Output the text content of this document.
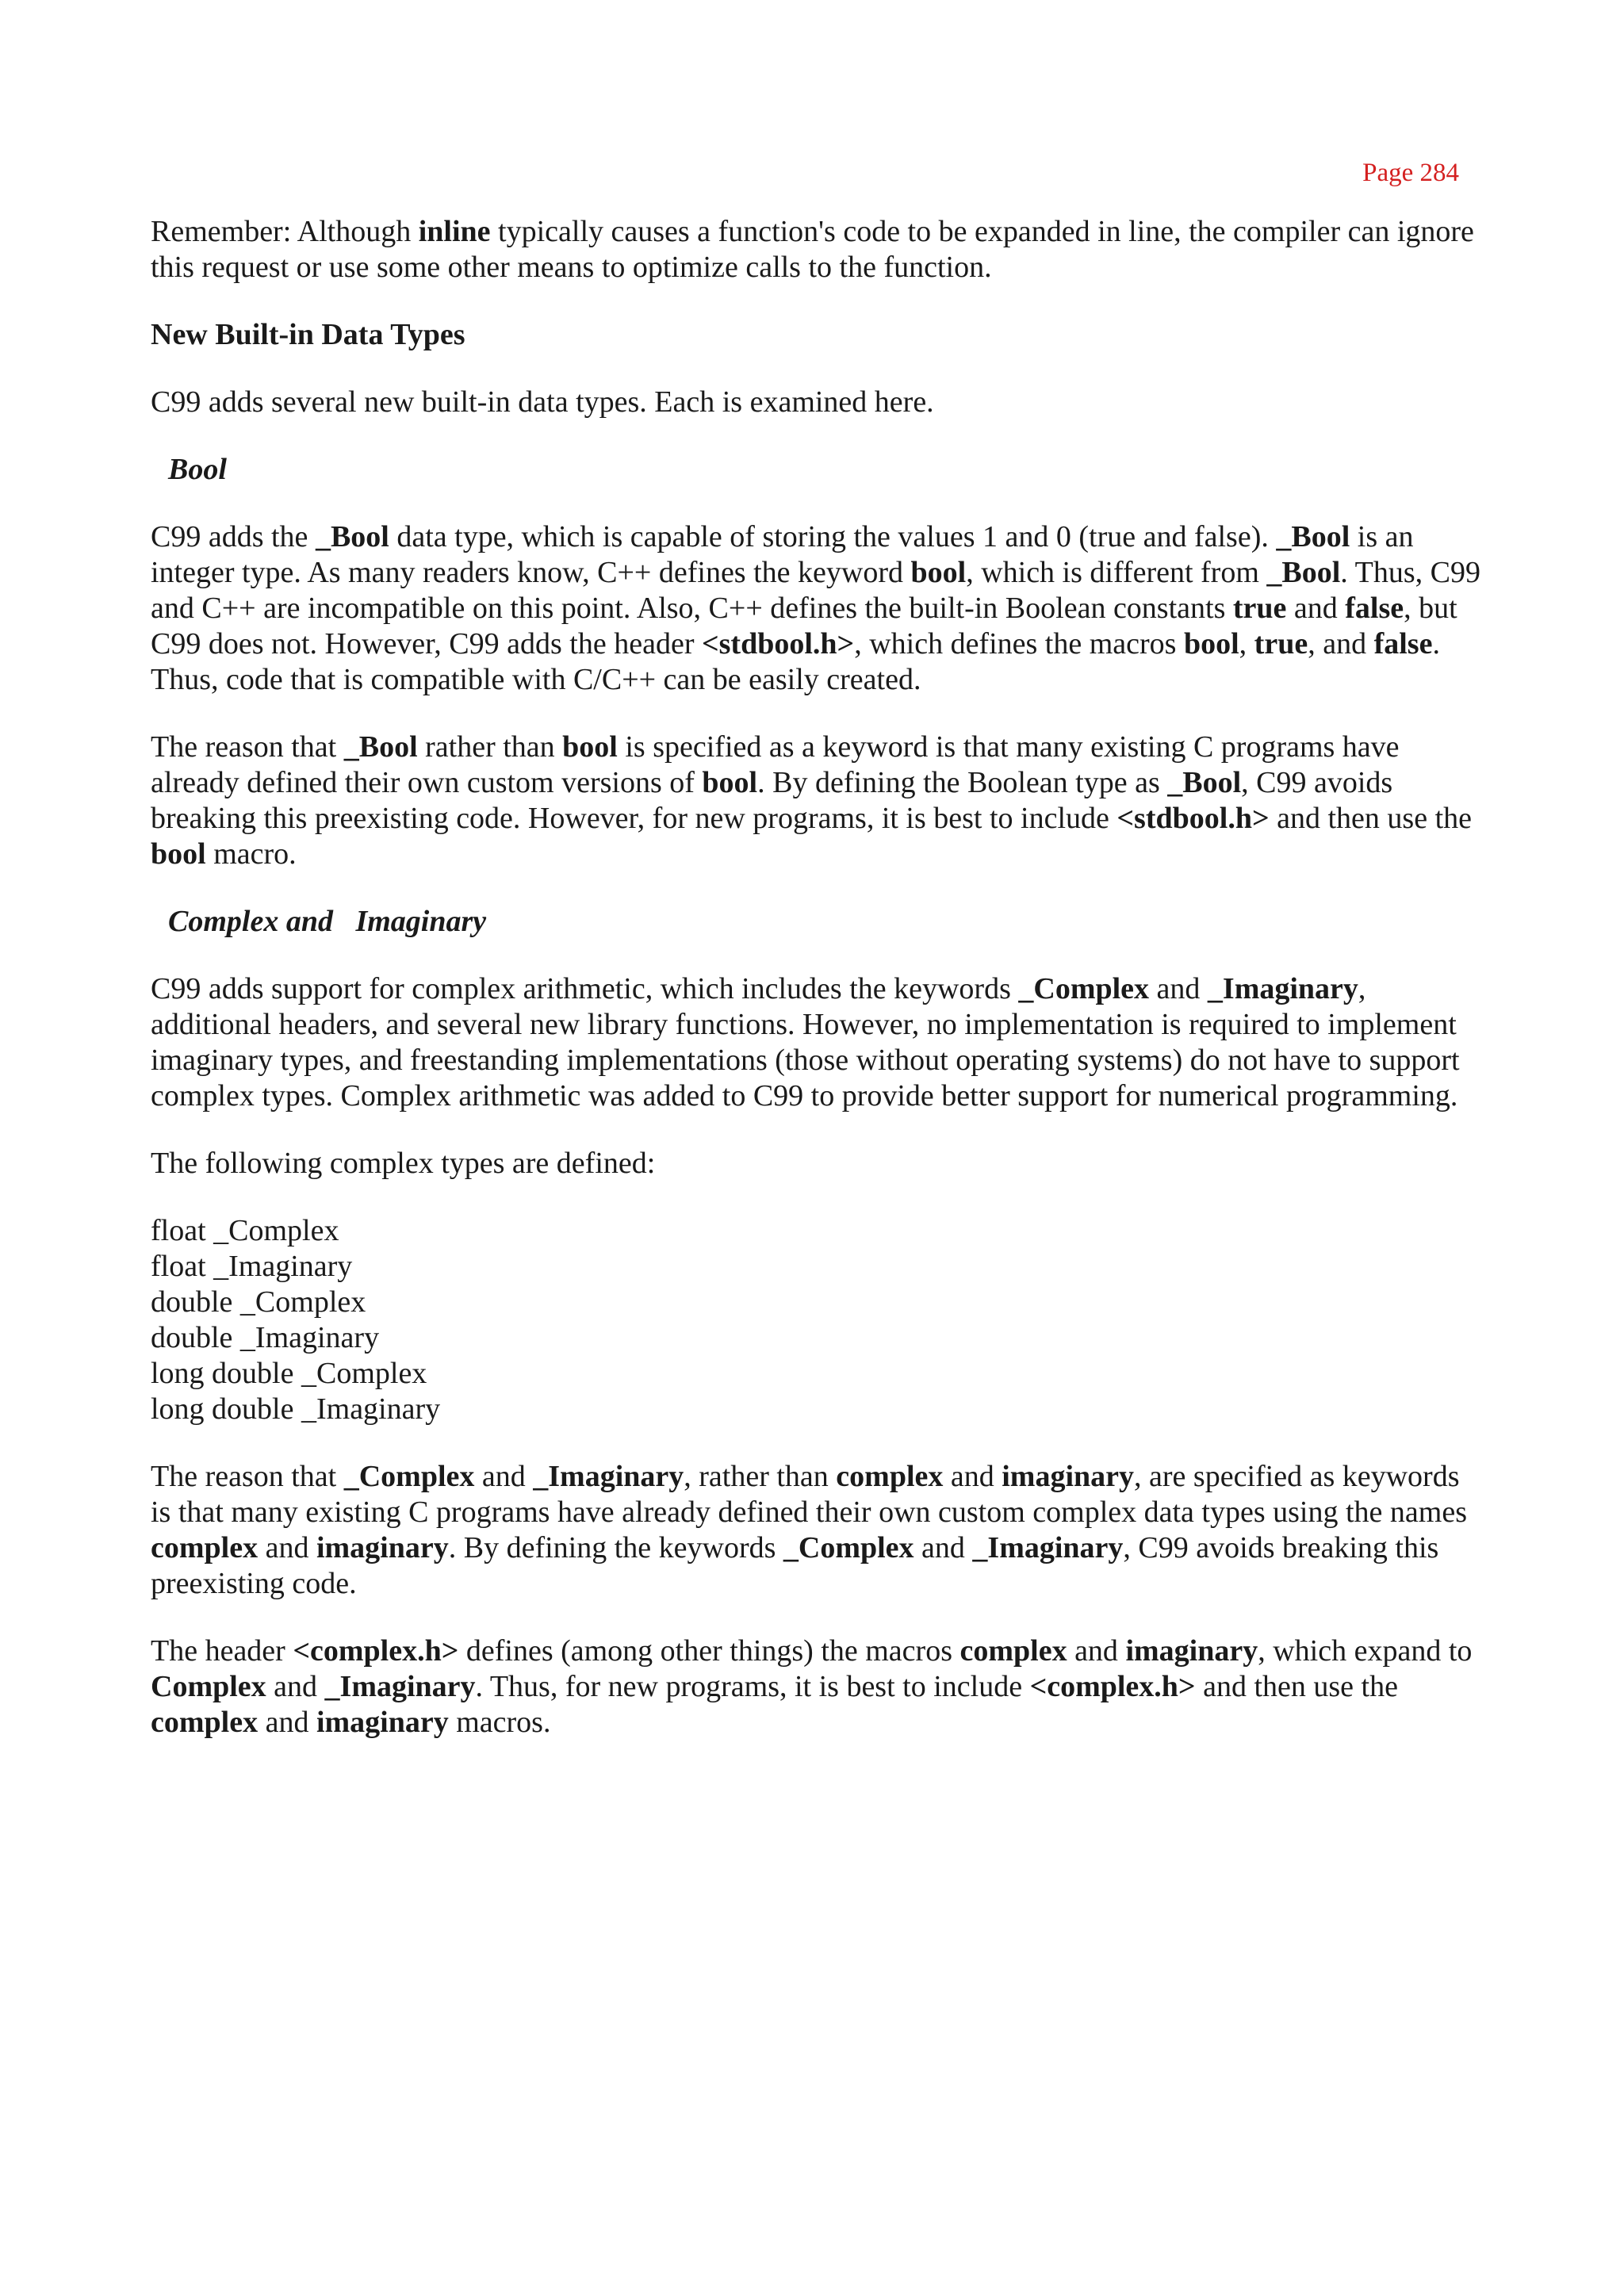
Page 284

Remember: Although inline typically causes a function's code to be expanded in line, the compiler can ignore this request or use some other means to optimize calls to the function.

New Built-in Data Types

C99 adds several new built-in data types. Each is examined here.

Bool

C99 adds the _Bool data type, which is capable of storing the values 1 and 0 (true and false). _Bool is an integer type. As many readers know, C++ defines the keyword bool, which is different from _Bool. Thus, C99 and C++ are incompatible on this point. Also, C++ defines the built-in Boolean constants true and false, but C99 does not. However, C99 adds the header <stdbool.h>, which defines the macros bool, true, and false. Thus, code that is compatible with C/C++ can be easily created.

The reason that _Bool rather than bool is specified as a keyword is that many existing C programs have already defined their own custom versions of bool. By defining the Boolean type as _Bool, C99 avoids breaking this preexisting code. However, for new programs, it is best to include <stdbool.h> and then use the bool macro.

Complex and   Imaginary

C99 adds support for complex arithmetic, which includes the keywords _Complex and _Imaginary, additional headers, and several new library functions. However, no implementation is required to implement imaginary types, and freestanding implementations (those without operating systems) do not have to support complex types. Complex arithmetic was added to C99 to provide better support for numerical programming.

The following complex types are defined:

float _Complex
float _Imaginary
double _Complex
double _Imaginary
long double _Complex
long double _Imaginary

The reason that _Complex and _Imaginary, rather than complex and imaginary, are specified as keywords is that many existing C programs have already defined their own custom complex data types using the names complex and imaginary. By defining the keywords _Complex and _Imaginary, C99 avoids breaking this preexisting code.

The header <complex.h> defines (among other things) the macros complex and imaginary, which expand to Complex and _Imaginary. Thus, for new programs, it is best to include <complex.h> and then use the complex and imaginary macros.
